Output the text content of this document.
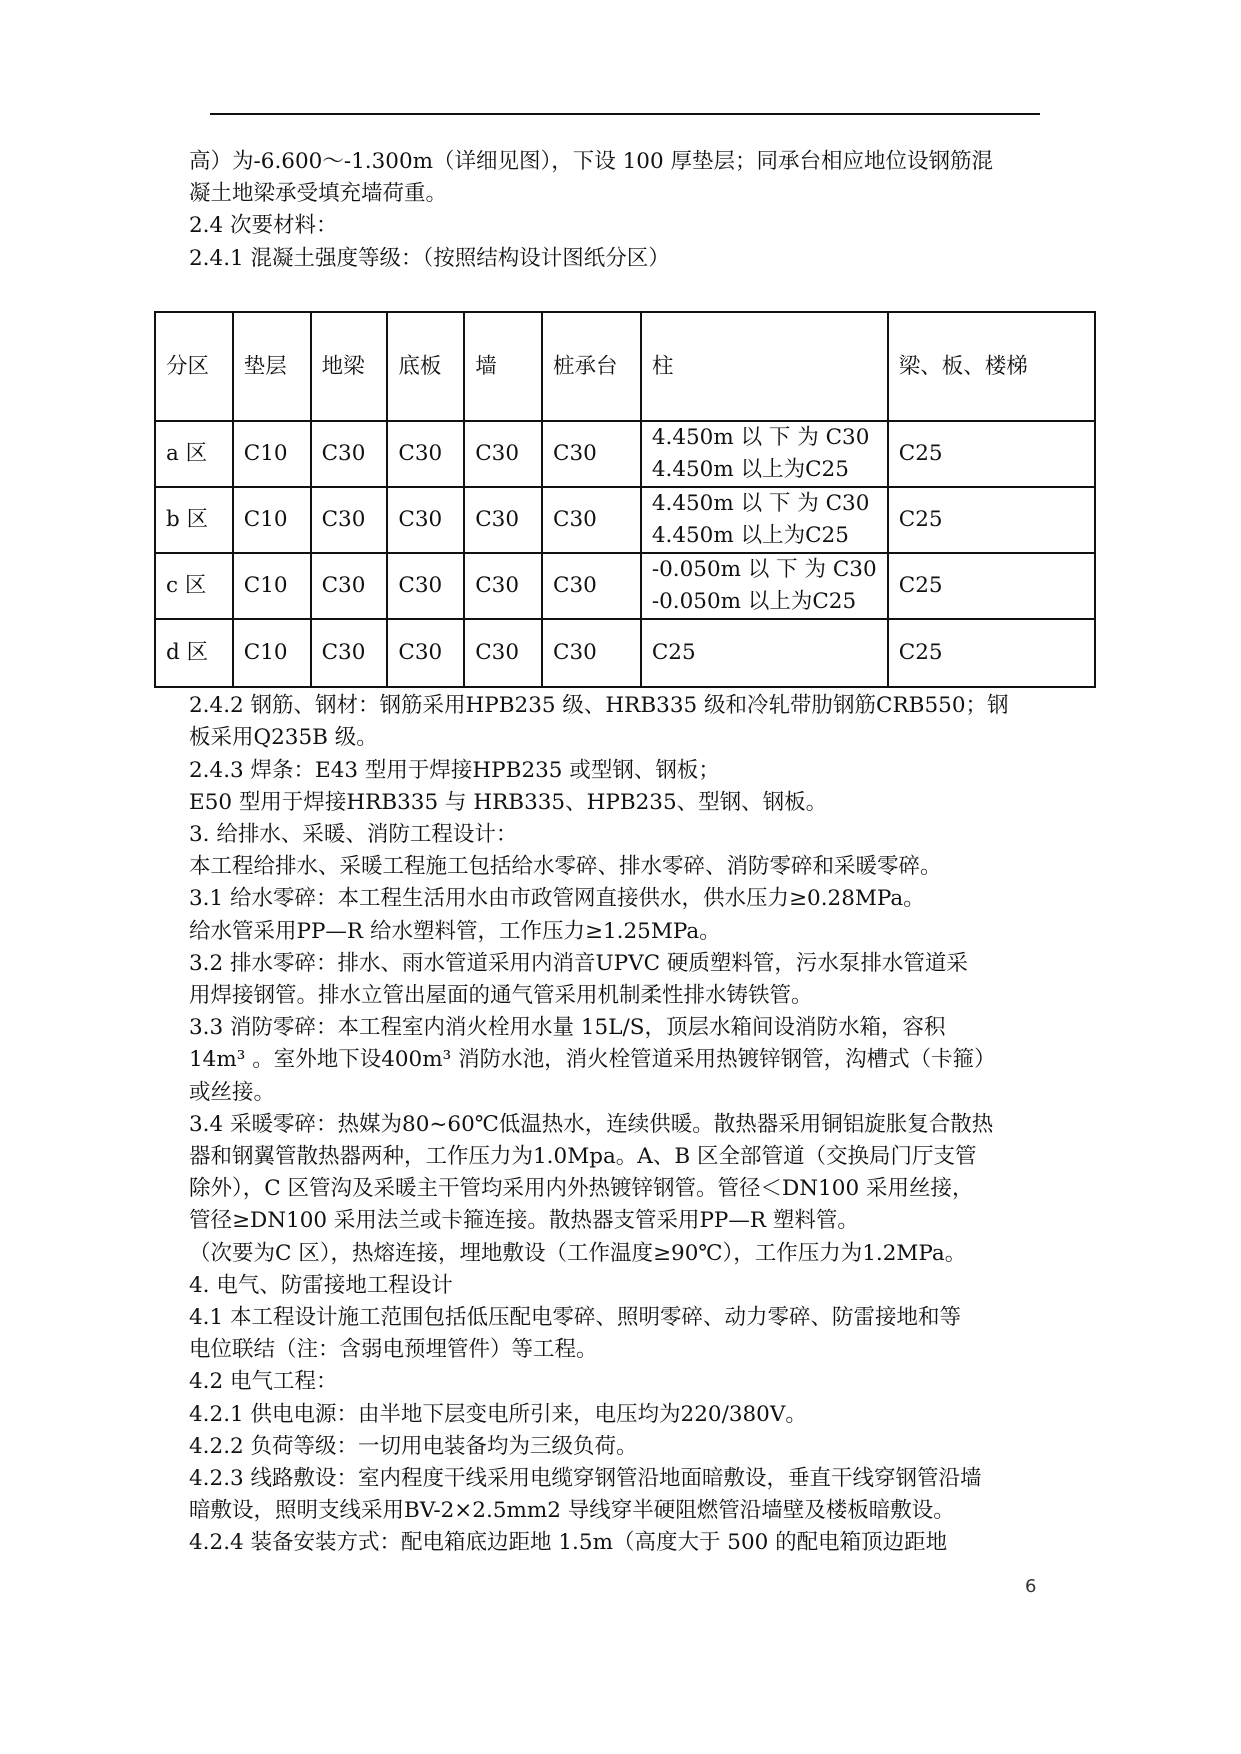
高）为-6.600～-1.300m（详细见图），下设 100 厚垫层；同承台相应地位设钢筋混
凝土地梁承受填充墙荷重。
2.4 次要材料：
2.4.1 混凝土强度等级：（按照结构设计图纸分区）
分区	垫层	地梁	底板	墙	桩承台	柱	梁、板、楼梯
a 区	C10	C30	C30	C30	C30	4.450m 以 下 为 C30
4.450m 以上为C25	C25
b 区	C10	C30	C30	C30	C30	4.450m 以 下 为 C30
4.450m 以上为C25	C25
c 区	C10	C30	C30	C30	C30	-0.050m 以 下 为 C30
-0.050m 以上为C25	C25
d 区	C10	C30	C30	C30	C30	C25	C25
2.4.2 钢筋、钢材：钢筋采用HPB235 级、HRB335 级和冷轧带肋钢筋CRB550；钢
板采用Q235B 级。
2.4.3 焊条：E43 型用于焊接HPB235 或型钢、钢板；
E50 型用于焊接HRB335 与 HRB335、HPB235、型钢、钢板。
3. 给排水、采暖、消防工程设计：
本工程给排水、采暖工程施工包括给水零碎、排水零碎、消防零碎和采暖零碎。
3.1 给水零碎：本工程生活用水由市政管网直接供水，供水压力≥0.28MPa。
给水管采用PP—R 给水塑料管，工作压力≥1.25MPa。
3.2 排水零碎：排水、雨水管道采用内消音UPVC 硬质塑料管，污水泵排水管道采
用焊接钢管。排水立管出屋面的通气管采用机制柔性排水铸铁管。
3.3 消防零碎：本工程室内消火栓用水量 15L/S，顶层水箱间设消防水箱，容积
14m³ 。室外地下设400m³ 消防水池，消火栓管道采用热镀锌钢管，沟槽式（卡箍）
或丝接。
3.4 采暖零碎：热媒为80~60℃低温热水，连续供暖。散热器采用铜铝旋胀复合散热
器和钢翼管散热器两种，工作压力为1.0Mpa。A、B 区全部管道（交换局门厅支管
除外），C 区管沟及采暖主干管均采用内外热镀锌钢管。管径＜DN100 采用丝接，
管径≥DN100 采用法兰或卡箍连接。散热器支管采用PP—R 塑料管。
（次要为C 区），热熔连接，埋地敷设（工作温度≥90℃），工作压力为1.2MPa。
4. 电气、防雷接地工程设计
4.1 本工程设计施工范围包括低压配电零碎、照明零碎、动力零碎、防雷接地和等
电位联结（注：含弱电预埋管件）等工程。
4.2 电气工程：
4.2.1 供电电源：由半地下层变电所引来，电压均为220/380V。
4.2.2 负荷等级：一切用电装备均为三级负荷。
4.2.3 线路敷设：室内程度干线采用电缆穿钢管沿地面暗敷设，垂直干线穿钢管沿墙
暗敷设，照明支线采用BV-2×2.5mm2 导线穿半硬阻燃管沿墙壁及楼板暗敷设。
4.2.4 装备安装方式：配电箱底边距地 1.5m（高度大于 500 的配电箱顶边距地
6
